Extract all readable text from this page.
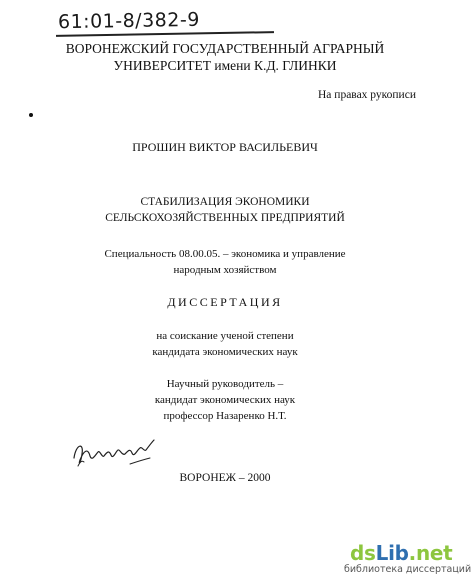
61:01-8/382-9
ВОРОНЕЖСКИЙ ГОСУДАРСТВЕННЫЙ АГРАРНЫЙ
УНИВЕРСИТЕТ имени К.Д. ГЛИНКИ
На правах рукописи
ПРОШИН ВИКТОР ВАСИЛЬЕВИЧ
СТАБИЛИЗАЦИЯ ЭКОНОМИКИ
СЕЛЬСКОХОЗЯЙСТВЕННЫХ ПРЕДПРИЯТИЙ
Специальность 08.00.05. – экономика и управление
народным хозяйством
ДИССЕРТАЦИЯ
на соискание ученой степени
кандидата экономических наук
Научный руководитель –
кандидат экономических наук
профессор Назаренко Н.Т.
ВОРОНЕЖ – 2000
dsLib.net
библиотека диссертаций
